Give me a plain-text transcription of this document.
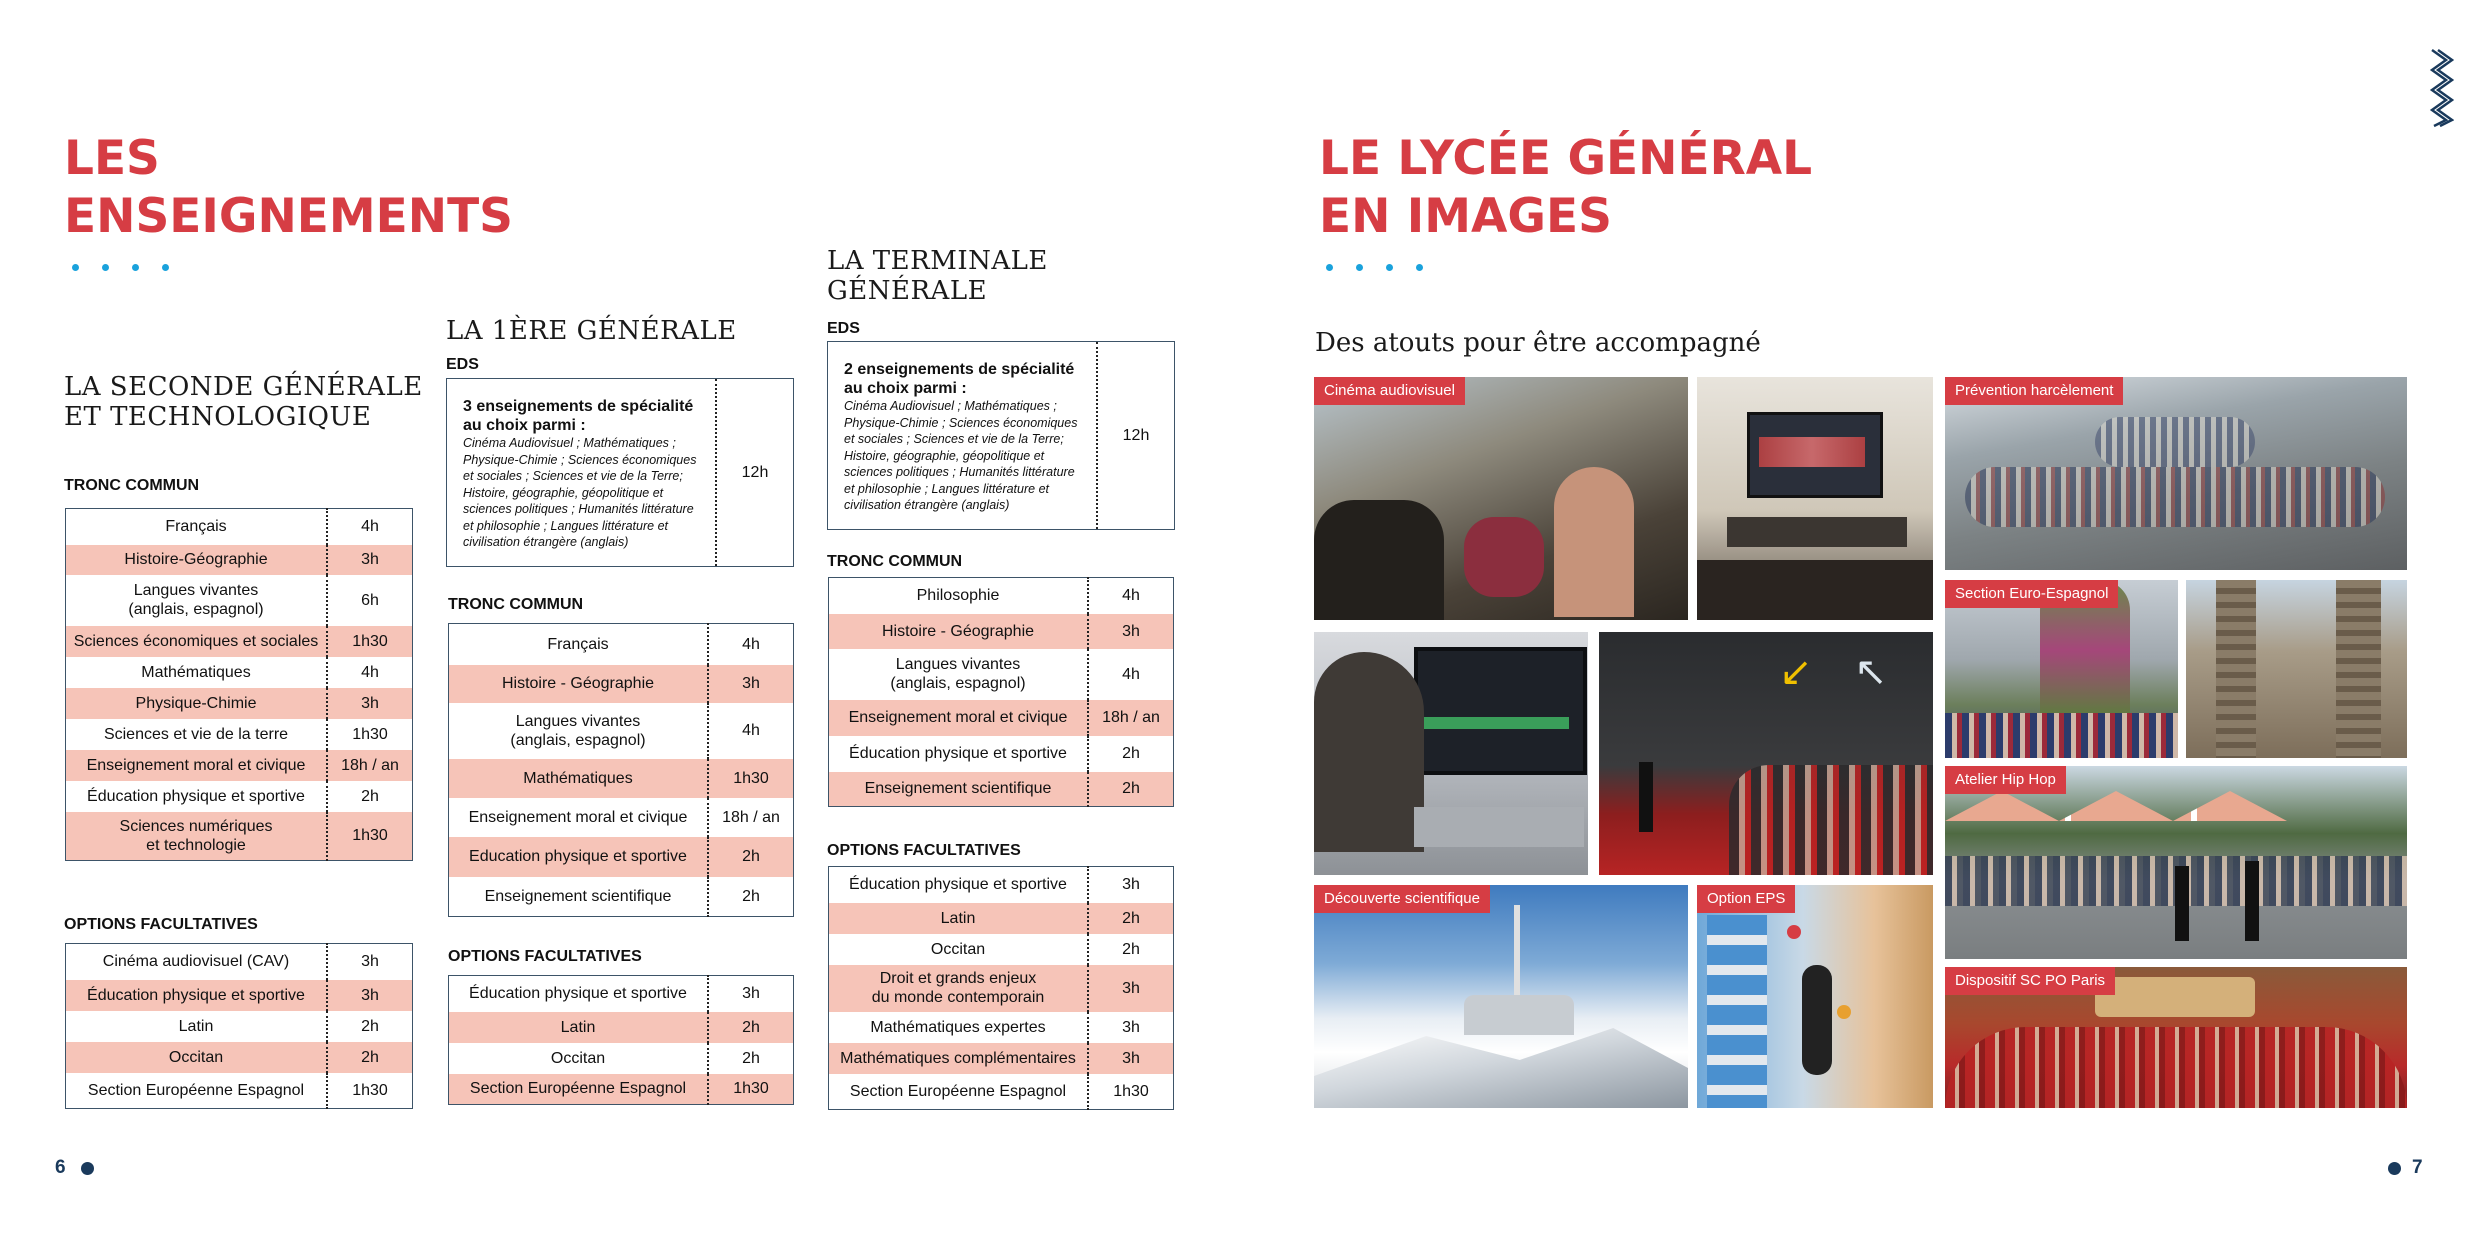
LES
ENSEIGNEMENTS
LA SECONDE GÉNÉRALE
ET TECHNOLOGIQUE
TRONC COMMUN
Français	4h
Histoire-Géographie	3h
Langues vivantes
(anglais, espagnol)	6h
Sciences économiques et sociales	1h30
Mathématiques	4h
Physique-Chimie	3h
Sciences et vie de la terre	1h30
Enseignement moral et civique	18h / an
Éducation physique et sportive	2h
Sciences numériques
et technologie	1h30
OPTIONS FACULTATIVES
Cinéma audiovisuel (CAV)	3h
Éducation physique et sportive	3h
Latin	2h
Occitan	2h
Section Européenne Espagnol	1h30
LA 1ÈRE GÉNÉRALE
EDS
3 enseignements de spécialité
au choix parmi :
Cinéma Audiovisuel ; Mathématiques ;
Physique-Chimie ; Sciences économiques
et sociales ; Sciences et vie de la Terre;
Histoire, géographie, géopolitique et
sciences politiques ; Humanités littérature
et philosophie ; Langues littérature et
civilisation étrangère (anglais)
12h
TRONC COMMUN
Français	4h
Histoire - Géographie	3h
Langues vivantes
(anglais, espagnol)	4h
Mathématiques	1h30
Enseignement moral et civique	18h / an
Education physique et sportive	2h
Enseignement scientifique	2h
OPTIONS FACULTATIVES
Éducation physique et sportive	3h
Latin	2h
Occitan	2h
Section Européenne Espagnol	1h30
LA TERMINALE
GÉNÉRALE
EDS
2 enseignements de spécialité
au choix parmi :
Cinéma Audiovisuel ; Mathématiques ;
Physique-Chimie ; Sciences économiques
et sociales ; Sciences et vie de la Terre;
Histoire, géographie, géopolitique et
sciences politiques ; Humanités littérature
et philosophie ; Langues littérature et
civilisation étrangère (anglais)
12h
TRONC COMMUN
Philosophie	4h
Histoire - Géographie	3h
Langues vivantes
(anglais, espagnol)	4h
Enseignement moral et civique	18h / an
Éducation physique et sportive	2h
Enseignement scientifique	2h
OPTIONS FACULTATIVES
Éducation physique et sportive	3h
Latin	2h
Occitan	2h
Droit et grands enjeux
du monde contemporain	3h
Mathématiques expertes	3h
Mathématiques complémentaires	3h
Section Européenne Espagnol	1h30
6
LE LYCÉE GÉNÉRAL
EN IMAGES
Des atouts pour être accompagné
Cinéma audiovisuel	Prévention harcèlement
↙	↖
Section Euro-Espagnol
Atelier Hip Hop
Découverte scientifique	Option EPS
Dispositif SC PO Paris
7
